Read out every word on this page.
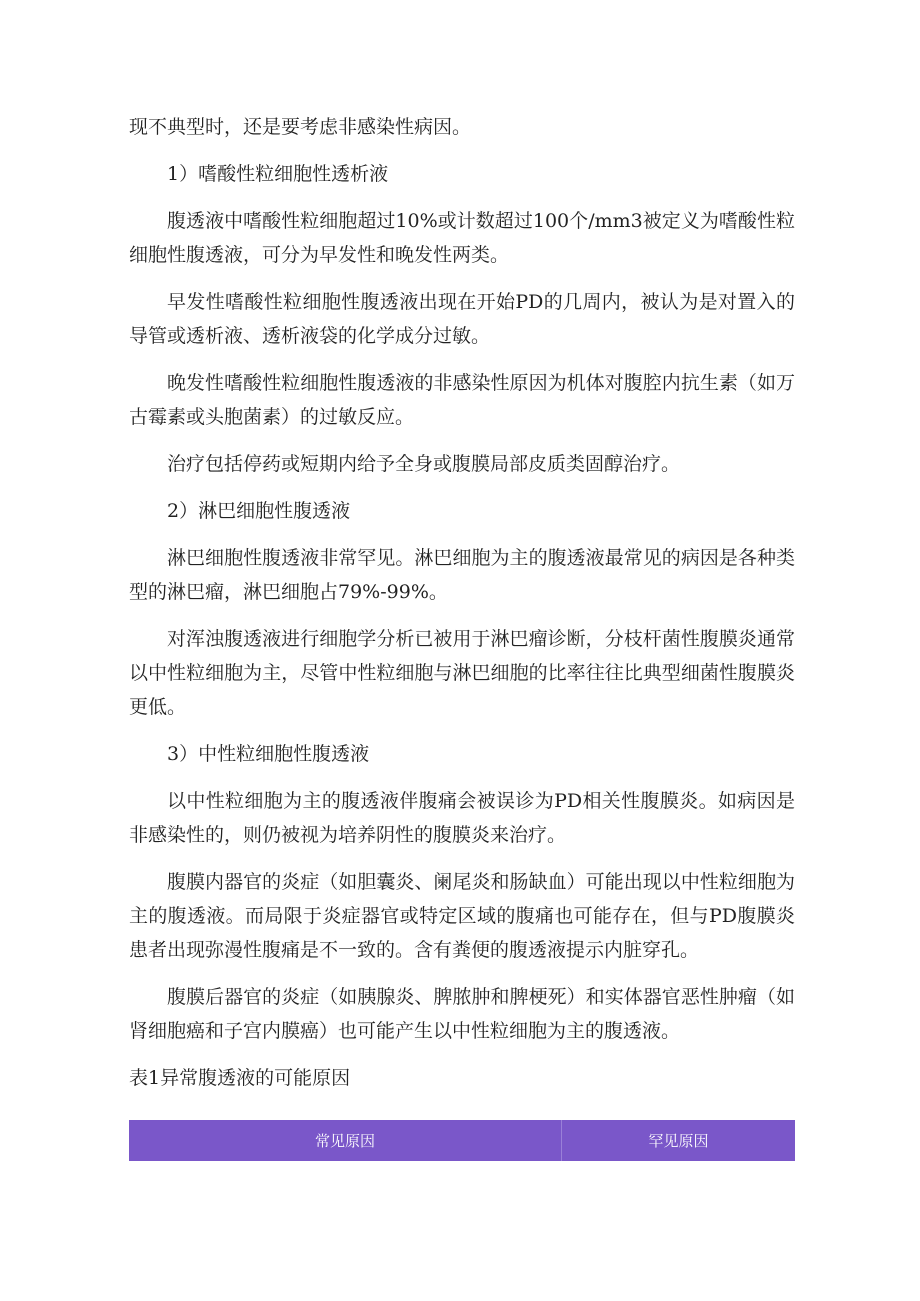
现不典型时，还是要考虑非感染性病因。

1）嗜酸性粒细胞性透析液

腹透液中嗜酸性粒细胞超过10%或计数超过100个/mm3被定义为嗜酸性粒细胞性腹透液，可分为早发性和晚发性两类。

早发性嗜酸性粒细胞性腹透液出现在开始PD的几周内，被认为是对置入的导管或透析液、透析液袋的化学成分过敏。

晚发性嗜酸性粒细胞性腹透液的非感染性原因为机体对腹腔内抗生素（如万古霉素或头胞菌素）的过敏反应。

治疗包括停药或短期内给予全身或腹膜局部皮质类固醇治疗。

2）淋巴细胞性腹透液

淋巴细胞性腹透液非常罕见。淋巴细胞为主的腹透液最常见的病因是各种类型的淋巴瘤，淋巴细胞占79%-99%。

对浑浊腹透液进行细胞学分析已被用于淋巴瘤诊断，分枝杆菌性腹膜炎通常以中性粒细胞为主，尽管中性粒细胞与淋巴细胞的比率往往比典型细菌性腹膜炎更低。

3）中性粒细胞性腹透液

以中性粒细胞为主的腹透液伴腹痛会被误诊为PD相关性腹膜炎。如病因是非感染性的，则仍被视为培养阴性的腹膜炎来治疗。

腹膜内器官的炎症（如胆囊炎、阑尾炎和肠缺血）可能出现以中性粒细胞为主的腹透液。而局限于炎症器官或特定区域的腹痛也可能存在，但与PD腹膜炎患者出现弥漫性腹痛是不一致的。含有粪便的腹透液提示内脏穿孔。

腹膜后器官的炎症（如胰腺炎、脾脓肿和脾梗死）和实体器官恶性肿瘤（如肾细胞癌和子宫内膜癌）也可能产生以中性粒细胞为主的腹透液。

表1异常腹透液的可能原因

常见原因	罕见原因
